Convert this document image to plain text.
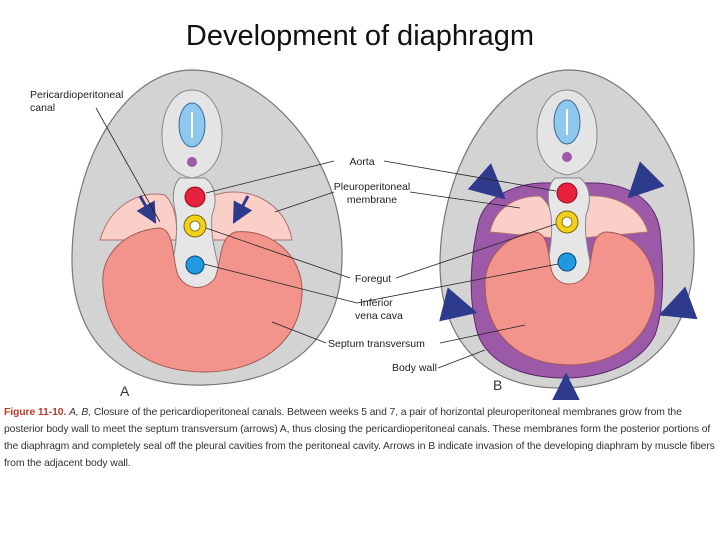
Development of diaphragm
Pericardioperitoneal
canal
Aorta
Pleuroperitoneal
membrane
Foregut
Inferior
vena cava
Septum transversum
Body wall
A	B
Figure 11-10. A, B, Closure of the pericardioperitoneal canals. Between weeks 5 and 7, a pair of horizontal pleuroperitoneal membranes grow from the posterior body wall to meet the septum transversum (arrows) A, thus closing the pericardioperitoneal canals. These membranes form the posterior portions of the diaphragm and completely seal off the pleural cavities from the peritoneal cavity. Arrows in B indicate invasion of the developing diaphram by muscle fibers from the adjacent body wall.
